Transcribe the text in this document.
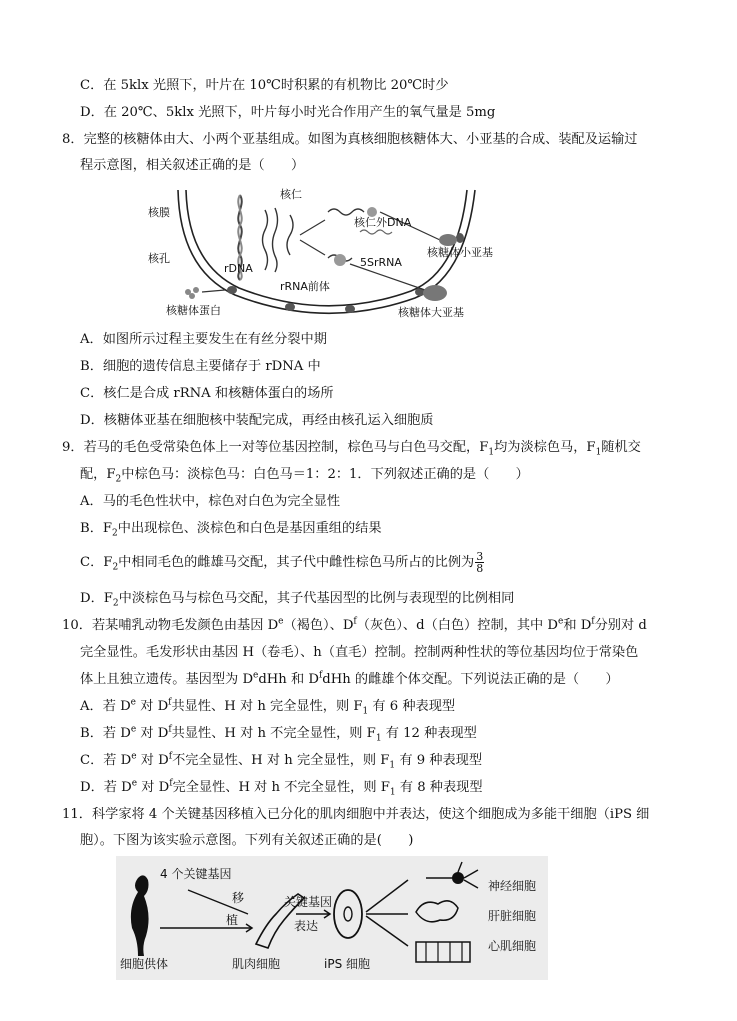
C．在 5klx 光照下，叶片在 10℃时积累的有机物比 20℃时少
D．在 20℃、5klx 光照下，叶片每小时光合作用产生的氧气量是 5mg
8．完整的核糖体由大、小两个亚基组成。如图为真核细胞核糖体大、小亚基的合成、装配及运输过
程示意图，相关叙述正确的是（　　）
核膜
核孔
核仁
rDNA
核仁外DNA
核糖体小亚基
5SrRNA
rRNA前体
核糖体蛋白	核糖体大亚基
A．如图所示过程主要发生在有丝分裂中期
B．细胞的遗传信息主要储存于 rDNA 中
C．核仁是合成 rRNA 和核糖体蛋白的场所
D．核糖体亚基在细胞核中装配完成，再经由核孔运入细胞质
9．若马的毛色受常染色体上一对等位基因控制，棕色马与白色马交配，$F_1$均为淡棕色马，$F_1$随机交
配，$F_2$中棕色马：淡棕色马：白色马＝1：2：1．下列叙述正确的是（　　）
A．马的毛色性状中，棕色对白色为完全显性
B．$F_2$中出现棕色、淡棕色和白色是基因重组的结果
C．$F_2$中相同毛色的雌雄马交配，其子代中雌性棕色马所占的比例为 $\frac{3}{8}$
D．$F_2$中淡棕色马与棕色马交配，其子代基因型的比例与表现型的比例相同
10．若某哺乳动物毛发颜色由基因 De（褐色）、$D^f$（灰色）、d（白色）控制，其中 De和 $D^f$分别对 d
完全显性。毛发形状由基因 H（卷毛）、h（直毛）控制。控制两种性状的等位基因均位于常染色
体上且独立遗传。基因型为 DedHh 和 $D^fdHh$ 的雌雄个体交配。下列说法正确的是（　　）
A．若 De 对 $D^f$共显性、H 对 h 完全显性，则 $F_1$ 有 6 种表现型
B．若 De 对 $D^f$共显性、H 对 h 不完全显性，则 $F_1$ 有 12 种表现型
C．若 De 对 $D^f$不完全显性、H 对 h 完全显性，则 $F_1$ 有 9 种表现型
D．若 De 对 $D^f$完全显性、H 对 h 不完全显性，则 $F_1$ 有 8 种表现型
11．科学家将 4 个关键基因移植入已分化的肌肉细胞中并表达，使这个细胞成为多能干细胞（iPS 细
胞）。下图为该实验示意图。下列有关叙述正确的是(　　)
4 个关键基因
移
植
关键基因
表达
细胞供体	肌肉细胞	iPS 细胞
神经细胞
肝脏细胞
心肌细胞
